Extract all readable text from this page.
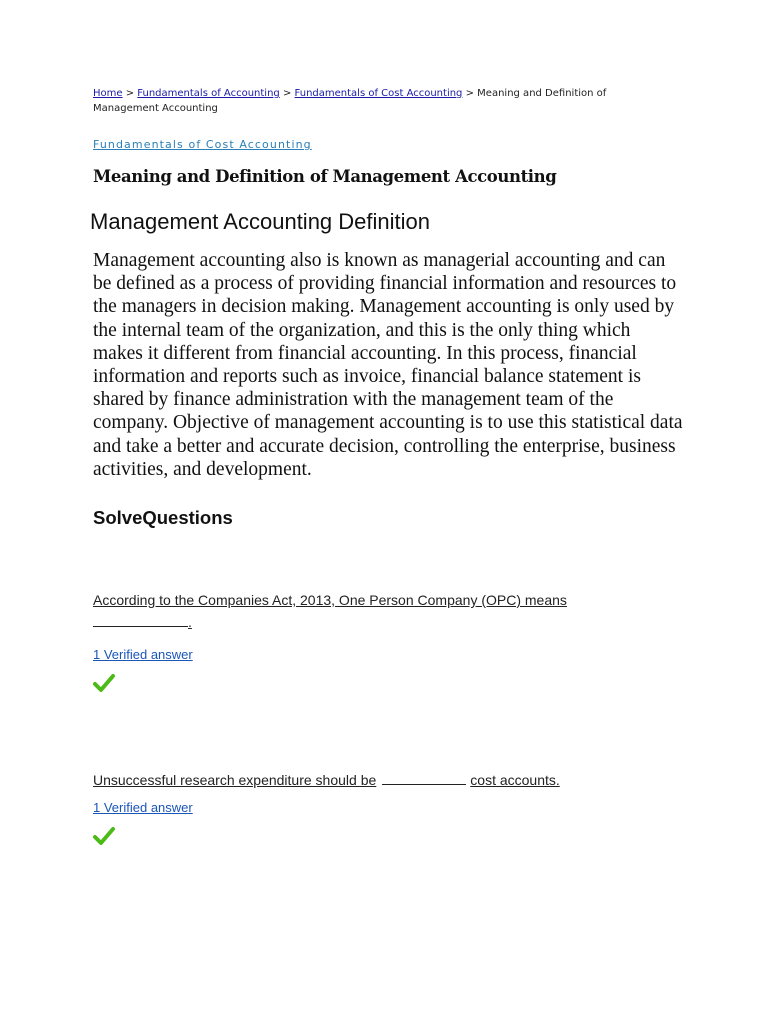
Home > Fundamentals of Accounting > Fundamentals of Cost Accounting > Meaning and Definition of Management Accounting

Fundamentals of Cost Accounting
Meaning and Definition of Management Accounting
Management Accounting Definition

Management accounting also is known as managerial accounting and can be defined as a process of providing financial information and resources to the managers in decision making. Management accounting is only used by the internal team of the organization, and this is the only thing which makes it different from financial accounting. In this process, financial information and reports such as invoice, financial balance statement is shared by finance administration with the management team of the company. Objective of management accounting is to use this statistical data and take a better and accurate decision, controlling the enterprise, business activities, and development.

SolveQuestions
According to the Companies Act, 2013, One Person Company (OPC) means
.
1 Verified answer
Unsuccessful research expenditure should be	cost accounts.
1 Verified answer
